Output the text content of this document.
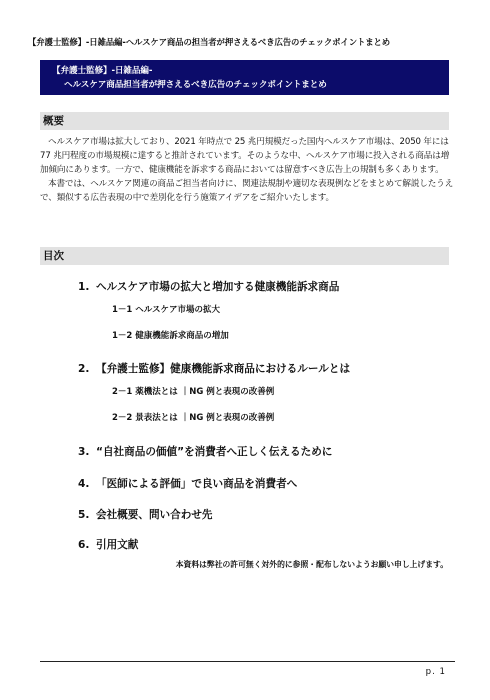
【弁護士監修】-日雑品編-ヘルスケア商品の担当者が押さえるべき広告のチェックポイントまとめ
【弁護士監修】-日雑品編-
ヘルスケア商品担当者が押さえるべき広告のチェックポイントまとめ
概要

ヘルスケア市場は拡大しており、2021 年時点で 25 兆円規模だった国内ヘルスケア市場は、2050 年には 77 兆円程度の市場規模に達すると推計されています。そのような中、ヘルスケア市場に投入される商品は増加傾向にあります。一方で、健康機能を訴求する商品においては留意すべき広告上の規制も多くあります。

本書では、ヘルスケア関連の商品ご担当者向けに、関連法規制や適切な表現例などをまとめて解説したうえで、類似する広告表現の中で差別化を行う施策アイデアをご紹介いたします。

目次
1. ヘルスケア市場の拡大と増加する健康機能訴求商品
1－1 ヘルスケア市場の拡大
1－2 健康機能訴求商品の増加
2. 【弁護士監修】健康機能訴求商品におけるルールとは
2－1 薬機法とは ｜NG 例と表現の改善例
2－2 景表法とは ｜NG 例と表現の改善例
3. “自社商品の価値”を消費者へ正しく伝えるために
4. 「医師による評価」で良い商品を消費者へ
5. 会社概要、問い合わせ先
6. 引用文献
本資料は弊社の許可無く対外的に参照・配布しないようお願い申し上げます。
p. 1
